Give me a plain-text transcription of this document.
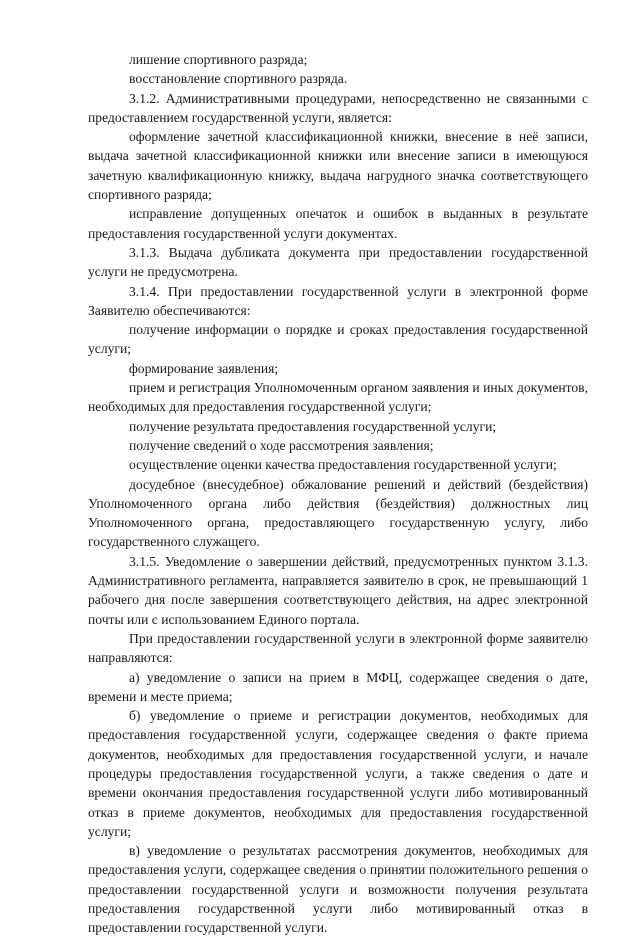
лишение спортивного разряда;

восстановление спортивного разряда.

3.1.2. Административными процедурами, непосредственно не связанными с предоставлением государственной услуги, является:

оформление зачетной классификационной книжки, внесение в неё записи, выдача зачетной классификационной книжки или внесение записи в имеющуюся зачетную квалификационную книжку, выдача нагрудного значка соответствующего спортивного разряда;

исправление допущенных опечаток и ошибок в выданных в результате предоставления государственной услуги документах.

3.1.3. Выдача дубликата документа при предоставлении государственной услуги не предусмотрена.

3.1.4. При предоставлении государственной услуги в электронной форме Заявителю обеспечиваются:

получение информации о порядке и сроках предоставления государственной услуги;

формирование заявления;

прием и регистрация Уполномоченным органом заявления и иных документов, необходимых для предоставления государственной услуги;

получение результата предоставления государственной услуги;

получение сведений о ходе рассмотрения заявления;

осуществление оценки качества предоставления государственной услуги;

досудебное (внесудебное) обжалование решений и действий (бездействия) Уполномоченного органа либо действия (бездействия) должностных лиц Уполномоченного органа, предоставляющего государственную услугу, либо государственного служащего.

3.1.5. Уведомление о завершении действий, предусмотренных пунктом 3.1.3. Административного регламента, направляется заявителю в срок, не превышающий 1 рабочего дня после завершения соответствующего действия, на адрес электронной почты или с использованием Единого портала.

При предоставлении государственной услуги в электронной форме заявителю направляются:

а) уведомление о записи на прием в МФЦ, содержащее сведения о дате, времени и месте приема;

б) уведомление о приеме и регистрации документов, необходимых для предоставления государственной услуги, содержащее сведения о факте приема документов, необходимых для предоставления государственной услуги, и начале процедуры предоставления государственной услуги, а также сведения о дате и времени окончания предоставления государственной услуги либо мотивированный отказ в приеме документов, необходимых для предоставления государственной услуги;

в) уведомление о результатах рассмотрения документов, необходимых для предоставления услуги, содержащее сведения о принятии положительного решения о предоставлении государственной услуги и возможности получения результата предоставления государственной услуги либо мотивированный отказ в предоставлении государственной услуги.
